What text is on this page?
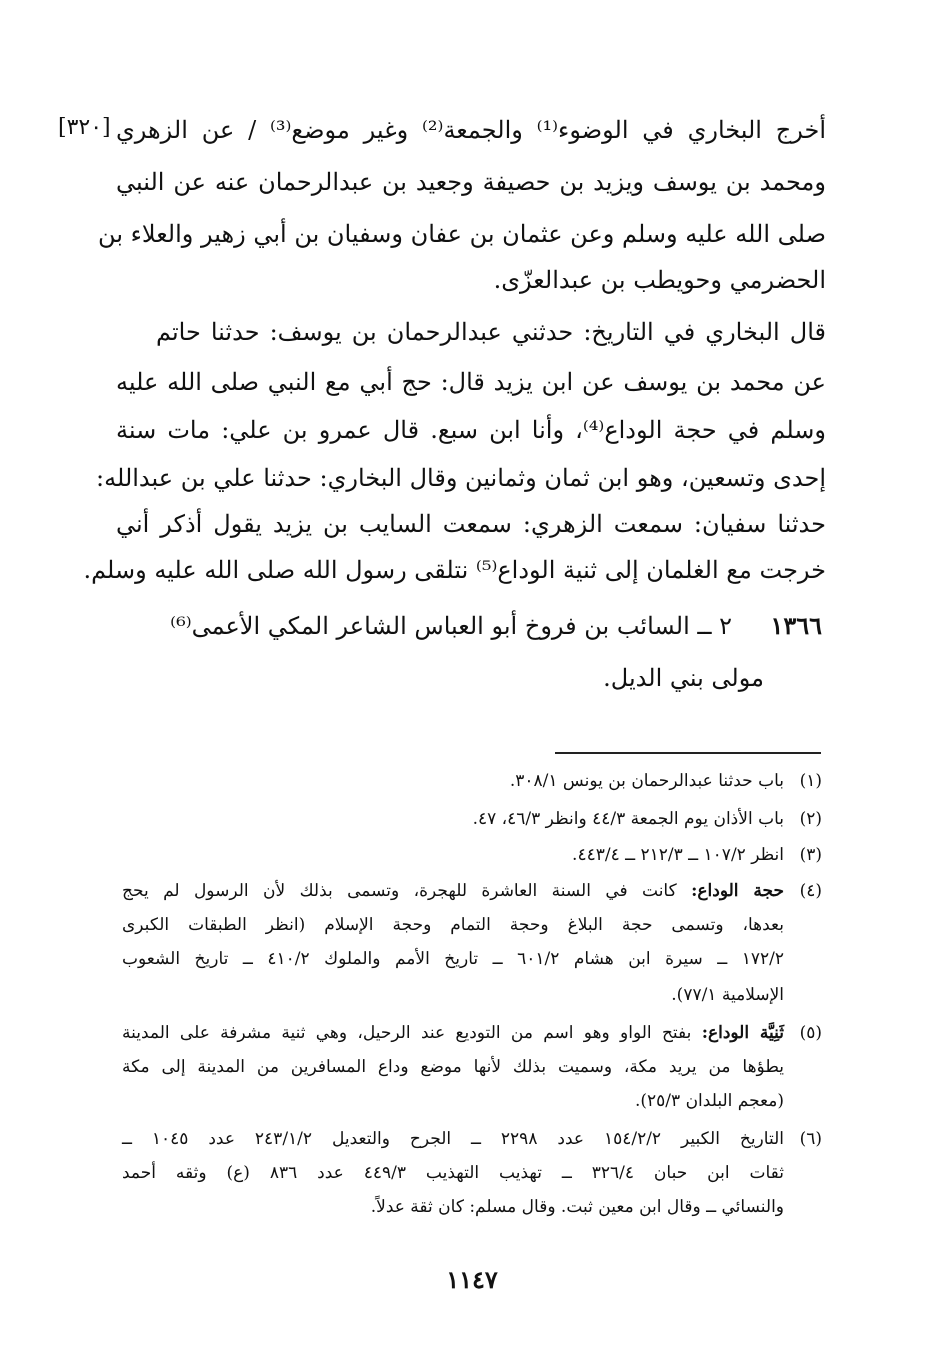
[٣٢٠] أخرج البخاري في الوضوء⁽¹⁾ والجمعة⁽²⁾ وغير موضع⁽³⁾ / عن الزهري
ومحمد بن يوسف ويزيد بن حصيفة وجعيد بن عبدالرحمان عنه عن النبي
صلى الله عليه وسلم وعن عثمان بن عفان وسفيان بن أبي زهير والعلاء بن
الحضرمي وحويطب بن عبدالعزّى.
قال البخاري في التاريخ: حدثني عبدالرحمان بن يوسف: حدثنا حاتم
عن محمد بن يوسف عن ابن يزيد قال: حج أبي مع النبي صلى الله عليه
وسلم في حجة الوداع⁽⁴⁾، وأنا ابن سبع. قال عمرو بن علي: مات سنة
إحدى وتسعين، وهو ابن ثمان وثمانين وقال البخاري: حدثنا علي بن عبدالله:
حدثنا سفيان: سمعت الزهري: سمعت السايب بن يزيد يقول أذكر أني
خرجت مع الغلمان إلى ثنية الوداع⁽⁵⁾ نتلقى رسول الله صلى الله عليه وسلم.
١٣٦٦
٢ ــ السائب بن فروخ أبو العباس الشاعر المكي الأعمى⁽⁶⁾
مولى بني الديل.
(١)
باب حدثنا عبدالرحمان بن يونس ٣٠٨/١.
(٢)
باب الأذان يوم الجمعة ٤٤/٣ وانظر ٤٦/٣، ٤٧.
(٣)
انظر ١٠٧/٢ ــ ٢١٢/٣ ــ ٤٤٣/٤.
(٤)
حجة الوداع: كانت في السنة العاشرة للهجرة، وتسمى بذلك لأن الرسول لم يحج
بعدها، وتسمى حجة البلاغ وحجة التمام وحجة الإسلام (انظر الطبقات الكبرى
١٧٢/٢ ــ سيرة ابن هشام ٦٠١/٢ ــ تاريخ الأمم والملوك ٤١٠/٢ ــ تاريخ الشعوب
الإسلامية ٧٧/١).
(٥)
ثَنِيَّة الوداع: بفتح الواو وهو اسم من التوديع عند الرحيل، وهي ثنية مشرفة على المدينة
يطؤها من يريد مكة، وسميت بذلك لأنها موضع وداع المسافرين من المدينة إلى مكة
(معجم البلدان ٢٥/٣).
(٦)
التاريخ الكبير ١٥٤/٢/٢ عدد ٢٢٩٨ ــ الجرح والتعديل ٢٤٣/١/٢ عدد ١٠٤٥ ــ
ثقات ابن حبان ٣٢٦/٤ ــ تهذيب التهذيب ٤٤٩/٣ عدد ٨٣٦ (ع) وثقه أحمد
والنسائي ــ وقال ابن معين ثبت. وقال مسلم: كان ثقة عدلاً.
١١٤٧
